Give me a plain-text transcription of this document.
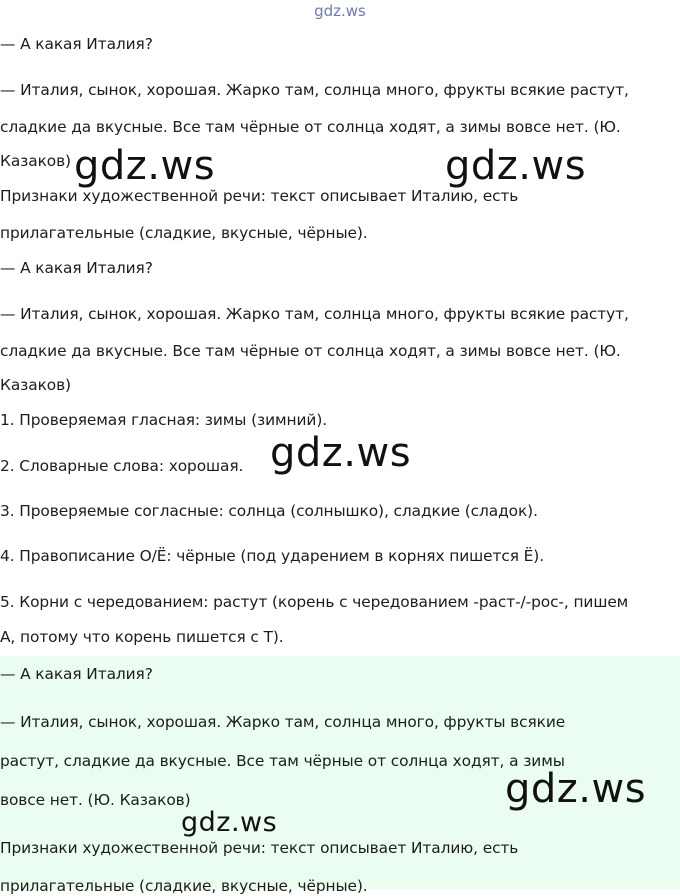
gdz.ws
— А какая Италия?
— Италия, сынок, хорошая. Жарко там, солнца много, фрукты всякие растут,
сладкие да вкусные. Все там чёрные от солнца ходят, а зимы вовсе нет. (Ю.
Казаков)
Признаки художественной речи: текст описывает Италию, есть
прилагательные (сладкие, вкусные, чёрные).
— А какая Италия?
— Италия, сынок, хорошая. Жарко там, солнца много, фрукты всякие растут,
сладкие да вкусные. Все там чёрные от солнца ходят, а зимы вовсе нет. (Ю.
Казаков)
1. Проверяемая гласная: зимы (зимний).
2. Словарные слова: хорошая.
3. Проверяемые согласные: солнца (солнышко), сладкие (сладок).
4. Правописание О/Ё: чёрные (под ударением в корнях пишется Ё).
5. Корни с чередованием: растут (корень с чередованием -раст-/-рос-, пишем
А, потому что корень пишется с Т).
— А какая Италия?
— Италия, сынок, хорошая. Жарко там, солнца много, фрукты всякие
растут, сладкие да вкусные. Все там чёрные от солнца ходят, а зимы
вовсе нет. (Ю. Казаков)
Признаки художественной речи: текст описывает Италию, есть
прилагательные (сладкие, вкусные, чёрные).
gdz.ws	gdz.ws
gdz.ws
gdz.ws
gdz.ws
